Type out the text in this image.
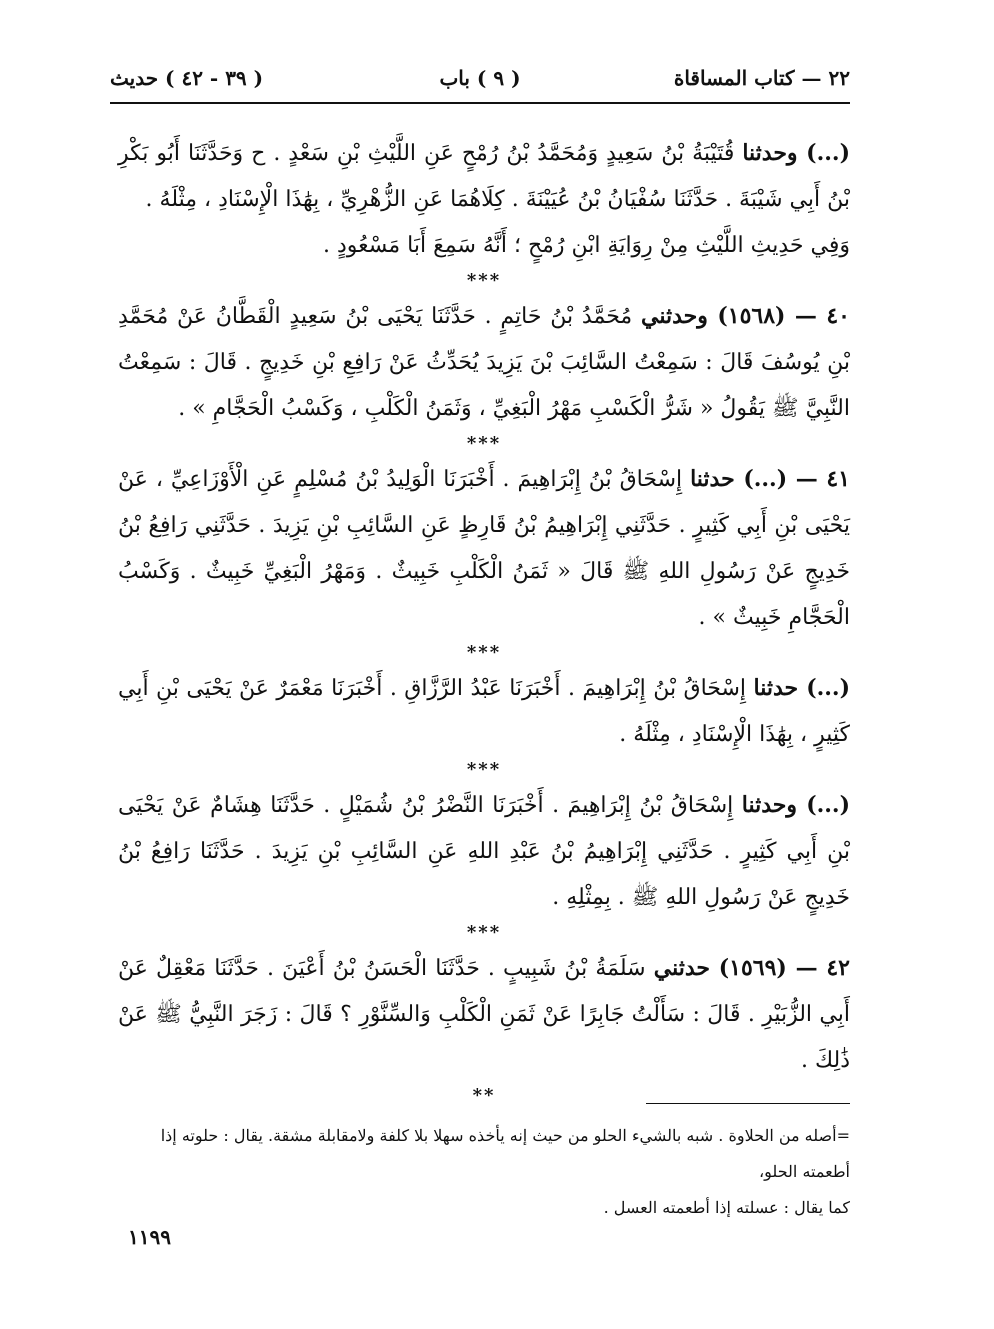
٢٢ — كتاب المساقاة
( ٩ ) باب
( ٣٩ - ٤٢ ) حديث

(...) وحدثنا قُتَيْبَةُ بْنُ سَعِيدٍ وَمُحَمَّدُ بْنُ رُمْحٍ عَنِ اللَّيْثِ بْنِ سَعْدٍ . ح وَحَدَّثَنَا أَبُو بَكْرِ بْنُ أَبِي شَيْبَةَ . حَدَّثَنَا سُفْيَانُ بْنُ عُيَيْنَةَ . كِلَاهُمَا عَنِ الزُّهْرِيِّ ، بِهَٰذَا الْإِسْنَادِ ، مِثْلَهُ .

وَفِي حَدِيثِ اللَّيْثِ مِنْ رِوَايَةِ ابْنِ رُمْحٍ ؛ أَنَّهُ سَمِعَ أَبَا مَسْعُودٍ .

***

٤٠ — (١٥٦٨) وحدثني مُحَمَّدُ بْنُ حَاتِمٍ . حَدَّثَنَا يَحْيَى بْنُ سَعِيدٍ الْقَطَّانُ عَنْ مُحَمَّدِ بْنِ يُوسُفَ قَالَ : سَمِعْتُ السَّائِبَ بْنَ يَزِيدَ يُحَدِّثُ عَنْ رَافِعِ بْنِ خَدِيجٍ . قَالَ : سَمِعْتُ النَّبِيَّ ﷺ يَقُولُ « شَرُّ الْكَسْبِ مَهْرُ الْبَغِيِّ ، وَثَمَنُ الْكَلْبِ ، وَكَسْبُ الْحَجَّامِ » .

***

٤١ — (...) حدثنا إِسْحَاقُ بْنُ إِبْرَاهِيمَ . أَخْبَرَنَا الْوَلِيدُ بْنُ مُسْلِمٍ عَنِ الْأَوْزَاعِيِّ ، عَنْ يَحْيَى بْنِ أَبِي كَثِيرٍ . حَدَّثَنِي إِبْرَاهِيمُ بْنُ قَارِظٍ عَنِ السَّائِبِ بْنِ يَزِيدَ . حَدَّثَنِي رَافِعُ بْنُ خَدِيجٍ عَنْ رَسُولِ اللهِ ﷺ قَالَ « ثَمَنُ الْكَلْبِ خَبِيثٌ . وَمَهْرُ الْبَغِيِّ خَبِيثٌ . وَكَسْبُ الْحَجَّامِ خَبِيثٌ » .

***

(...) حدثنا إِسْحَاقُ بْنُ إِبْرَاهِيمَ . أَخْبَرَنَا عَبْدُ الرَّزَّاقِ . أَخْبَرَنَا مَعْمَرٌ عَنْ يَحْيَى بْنِ أَبِي كَثِيرٍ ، بِهَٰذَا الْإِسْنَادِ ، مِثْلَهُ .

***

(...) وحدثنا إِسْحَاقُ بْنُ إِبْرَاهِيمَ . أَخْبَرَنَا النَّضْرُ بْنُ شُمَيْلٍ . حَدَّثَنَا هِشَامٌ عَنْ يَحْيَى بْنِ أَبِي كَثِيرٍ . حَدَّثَنِي إِبْرَاهِيمُ بْنُ عَبْدِ اللهِ عَنِ السَّائِبِ بْنِ يَزِيدَ . حَدَّثَنَا رَافِعُ بْنُ خَدِيجٍ عَنْ رَسُولِ اللهِ ﷺ . بِمِثْلِهِ .

***

٤٢ — (١٥٦٩) حدثني سَلَمَةُ بْنُ شَبِيبٍ . حَدَّثَنَا الْحَسَنُ بْنُ أَعْيَنَ . حَدَّثَنَا مَعْقِلٌ عَنْ أَبِي الزُّبَيْرِ . قَالَ : سَأَلْتُ جَابِرًا عَنْ ثَمَنِ الْكَلْبِ وَالسِّنَّوْرِ ؟ قَالَ : زَجَرَ النَّبِيُّ ﷺ عَنْ ذَٰلِكَ .

**
=أصله من الحلاوة . شبه بالشيء الحلو من حيث إنه يأخذه سهلا بلا كلفة ولامقابلة مشقة. يقال : حلوته إذا أطعمته الحلو،
كما يقال : عسلته إذا أطعمته العسل .
١١٩٩
